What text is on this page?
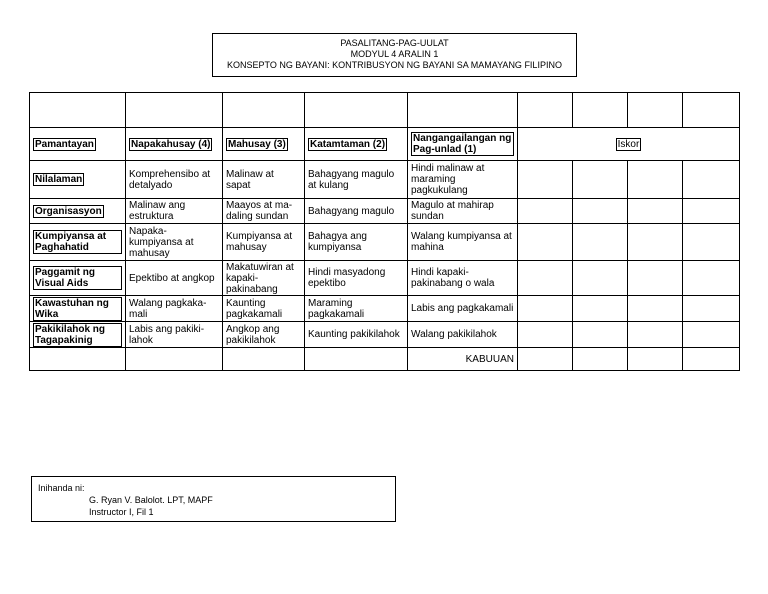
PASALITANG-PAG-UULAT
MODYUL 4 ARALIN 1
KONSEPTO NG BAYANI: KONTRIBUSYON NG BAYANI SA MAMAYANG FILIPINO

Pamantayan	Napakahusay (4)	Mahusay (3)	Katamtaman (2)	Nangangailangan ng Pag-unlad (1)	Iskor			
Nilalaman	Komprehensibo at detalyado	Malinaw at sapat	Bahagyang magulo at kulang	Hindi malinaw at maraming pagkukulang				
Organisasyon	Malinaw ang estruktura	Maayos at ma-daling sundan	Bahagyang magulo	Magulo at mahirap sundan				
Kumpiyansa at Paghahatid	Napaka-kumpiyansa at mahusay	Kumpiyansa at mahusay	Bahagya ang kumpiyansa	Walang kumpiyansa at mahina				
Paggamit ng Visual Aids	Epektibo at angkop	Makatuwiran at kapaki-pakinabang	Hindi masyadong epektibo	Hindi kapaki-pakinabang o wala				
Kawastuhan ng Wika	Walang pagkaka-mali	Kaunting pagkakamali	Maraming pagkakamali	Labis ang pagkakamali				
Pakikilahok ng Tagapakinig	Labis ang pakiki-lahok	Angkop ang pakikilahok	Kaunting pakikilahok	Walang pakikilahok				
				KABUUAN				
Inihanda ni:
G. Ryan V. Balolot. LPT, MAPF
Instructor I, Fil 1
